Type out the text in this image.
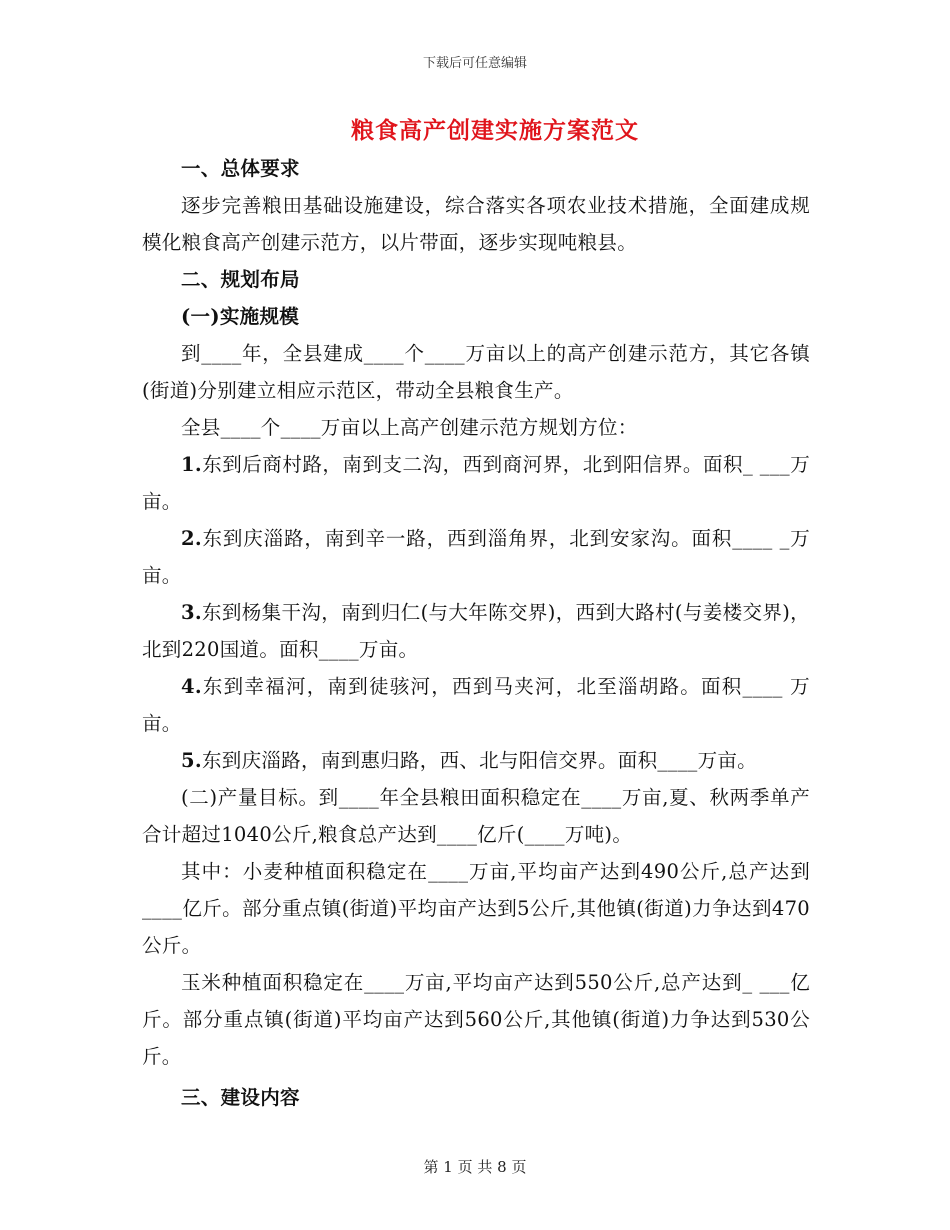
下载后可任意编辑
粮食高产创建实施方案范文

一、总体要求

逐步完善粮田基础设施建设，综合落实各项农业技术措施，全面建成规模化粮食高产创建示范方，以片带面，逐步实现吨粮县。

二、规划布局

(一)实施规模

到____年，全县建成____个____万亩以上的高产创建示范方，其它各镇(街道)分别建立相应示范区，带动全县粮食生产。

全县____个____万亩以上高产创建示范方规划方位：

1.东到后商村路，南到支二沟，西到商河界，北到阳信界。面积_ ___万亩。

2.东到庆淄路，南到辛一路，西到淄角界，北到安家沟。面积____ _万亩。

3.东到杨集干沟，南到归仁(与大年陈交界)，西到大路村(与姜楼交界)，北到220国道。面积____万亩。

4.东到幸福河，南到徒骇河，西到马夹河，北至淄胡路。面积____ 万亩。

5.东到庆淄路，南到惠归路，西、北与阳信交界。面积____万亩。

(二)产量目标。到____年全县粮田面积稳定在____万亩,夏、秋两季单产合计超过1040公斤,粮食总产达到____亿斤(____万吨)。

其中：小麦种植面积稳定在____万亩,平均亩产达到490公斤,总产达到____亿斤。部分重点镇(街道)平均亩产达到5公斤,其他镇(街道)力争达到470公斤。

玉米种植面积稳定在____万亩,平均亩产达到550公斤,总产达到_ ___亿斤。部分重点镇(街道)平均亩产达到560公斤,其他镇(街道)力争达到530公斤。

三、建设内容

第 1 页 共 8 页
